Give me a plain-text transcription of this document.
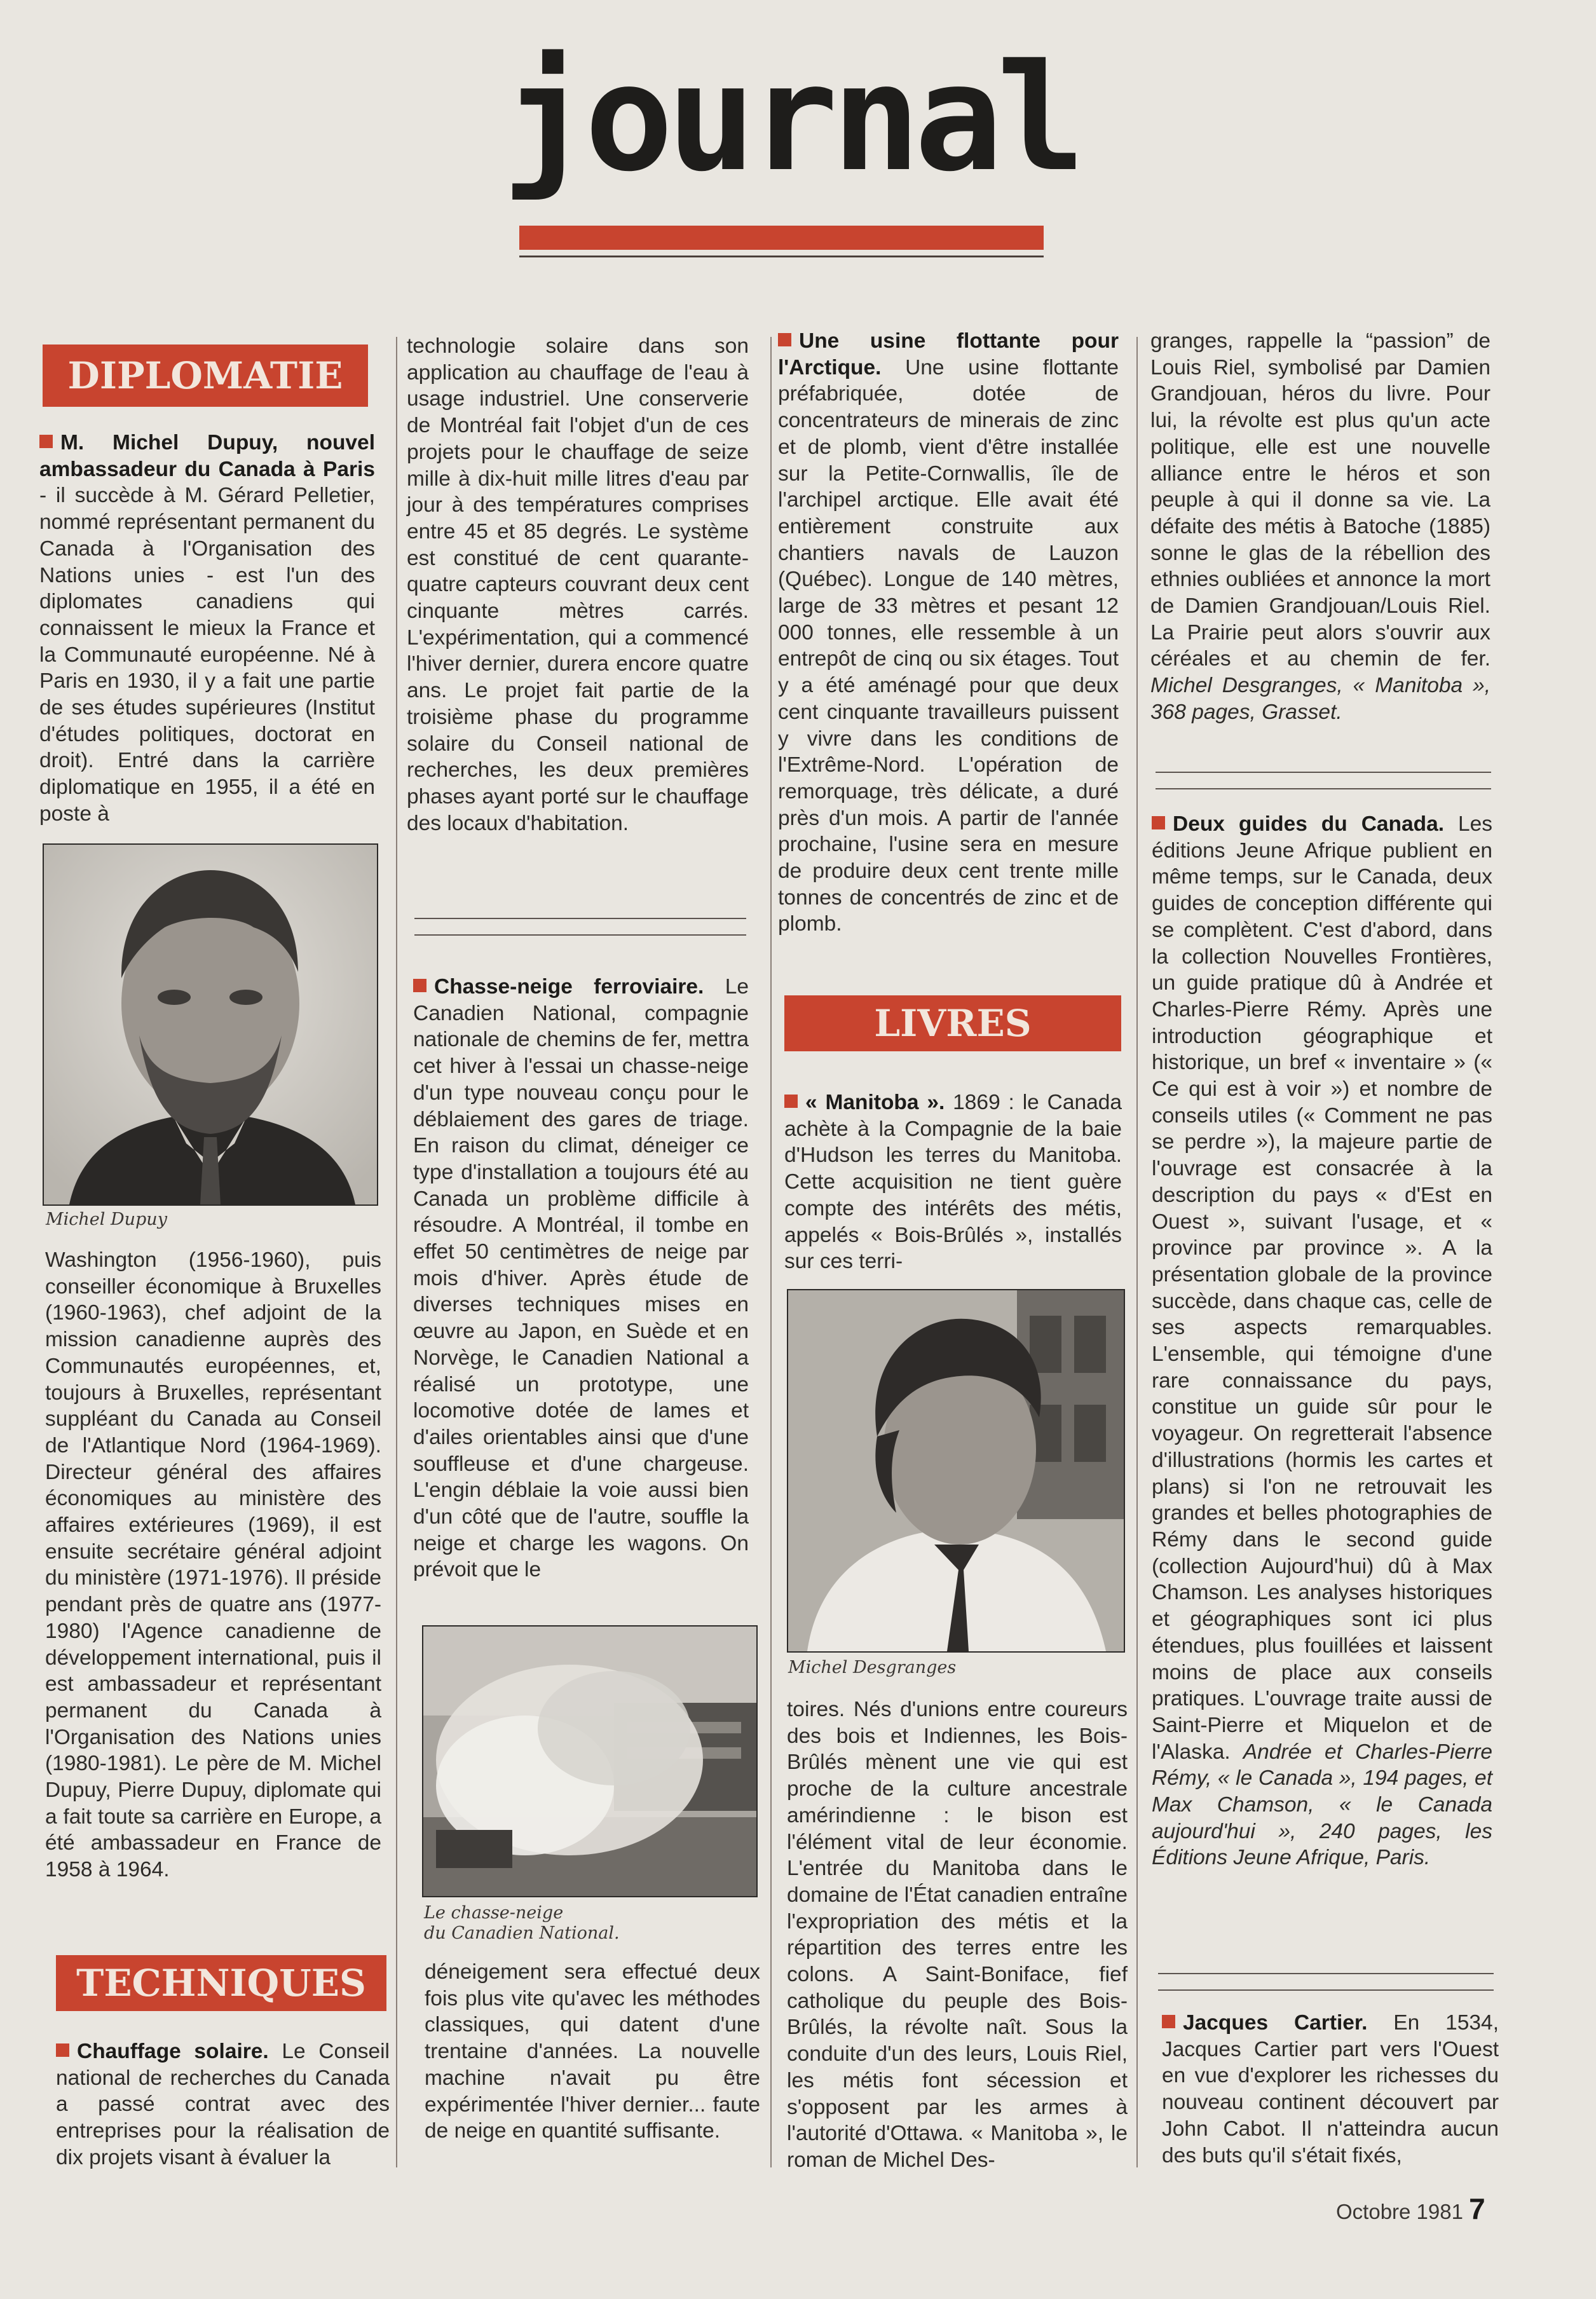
journal
DIPLOMATIE

M. Michel Dupuy, nouvel ambassadeur du Canada à Paris - il succède à M. Gérard Pelletier, nommé représentant permanent du Canada à l'Organisation des Nations unies - est l'un des diplomates canadiens qui connaissent le mieux la France et la Communauté européenne. Né à Paris en 1930, il y a fait une partie de ses études supérieures (Institut d'études politiques, doctorat en droit). Entré dans la carrière diplomatique en 1955, il a été en poste à

Michel Dupuy

Washington (1956-1960), puis conseiller économique à Bruxelles (1960-1963), chef adjoint de la mission canadienne auprès des Communautés européennes, et, toujours à Bruxelles, représentant suppléant du Canada au Conseil de l'Atlantique Nord (1964-1969). Directeur général des affaires économiques au ministère des affaires extérieures (1969), il est ensuite secrétaire général adjoint du ministère (1971-1976). Il préside pendant près de quatre ans (1977-1980) l'Agence canadienne de développement international, puis il est ambassadeur et représentant permanent du Canada à l'Organisation des Nations unies (1980-1981). Le père de M. Michel Dupuy, Pierre Dupuy, diplomate qui a fait toute sa carrière en Europe, a été ambassadeur en France de 1958 à 1964.

TECHNIQUES

Chauffage solaire. Le Conseil national de recherches du Canada a passé contrat avec des entreprises pour la réalisation de dix projets visant à évaluer la

technologie solaire dans son application au chauffage de l'eau à usage industriel. Une conserverie de Montréal fait l'objet d'un de ces projets pour le chauffage de seize mille à dix-huit mille litres d'eau par jour à des températures comprises entre 45 et 85 degrés. Le système est constitué de cent quarante-quatre capteurs couvrant deux cent cinquante mètres carrés. L'expérimentation, qui a commencé l'hiver dernier, durera encore quatre ans. Le projet fait partie de la troisième phase du programme solaire du Conseil national de recherches, les deux premières phases ayant porté sur le chauffage des locaux d'habitation.

Chasse-neige ferroviaire. Le Canadien National, compagnie nationale de chemins de fer, mettra cet hiver à l'essai un chasse-neige d'un type nouveau conçu pour le déblaiement des gares de triage. En raison du climat, déneiger ce type d'installation a toujours été au Canada un problème difficile à résoudre. A Montréal, il tombe en effet 50 centimètres de neige par mois d'hiver. Après étude de diverses techniques mises en œuvre au Japon, en Suède et en Norvège, le Canadien National a réalisé un prototype, une locomotive dotée de lames et d'ailes orientables ainsi que d'une souffleuse et d'une chargeuse. L'engin déblaie la voie aussi bien d'un côté que de l'autre, souffle la neige et charge les wagons. On prévoit que le

Le chasse-neige
du Canadien National.

déneigement sera effectué deux fois plus vite qu'avec les méthodes classiques, qui datent d'une trentaine d'années. La nouvelle machine n'avait pu être expérimentée l'hiver dernier... faute de neige en quantité suffisante.

Une usine flottante pour l'Arctique. Une usine flottante préfabriquée, dotée de concentrateurs de minerais de zinc et de plomb, vient d'être installée sur la Petite-Cornwallis, île de l'archipel arctique. Elle avait été entièrement construite aux chantiers navals de Lauzon (Québec). Longue de 140 mètres, large de 33 mètres et pesant 12 000 tonnes, elle ressemble à un entrepôt de cinq ou six étages. Tout y a été aménagé pour que deux cent cinquante travailleurs puissent y vivre dans les conditions de l'Extrême-Nord. L'opération de remorquage, très délicate, a duré près d'un mois. A partir de l'année prochaine, l'usine sera en mesure de produire deux cent trente mille tonnes de concentrés de zinc et de plomb.

LIVRES

« Manitoba ». 1869 : le Canada achète à la Compagnie de la baie d'Hudson les terres du Manitoba. Cette acquisition ne tient guère compte des intérêts des métis, appelés « Bois-Brûlés », installés sur ces terri-

Michel Desgranges

toires. Nés d'unions entre coureurs des bois et Indiennes, les Bois-Brûlés mènent une vie qui est proche de la culture ancestrale amérindienne : le bison est l'élément vital de leur économie. L'entrée du Manitoba dans le domaine de l'État canadien entraîne l'expropriation des métis et la répartition des terres entre les colons. A Saint-Boniface, fief catholique du peuple des Bois-Brûlés, la révolte naît. Sous la conduite d'un des leurs, Louis Riel, les métis font sécession et s'opposent par les armes à l'autorité d'Ottawa. « Manitoba », le roman de Michel Des-

granges, rappelle la “passion” de Louis Riel, symbolisé par Damien Grandjouan, héros du livre. Pour lui, la révolte est plus qu'un acte politique, elle est une nouvelle alliance entre le héros et son peuple à qui il donne sa vie. La défaite des métis à Batoche (1885) sonne le glas de la rébellion des ethnies oubliées et annonce la mort de Damien Grandjouan/Louis Riel. La Prairie peut alors s'ouvrir aux céréales et au chemin de fer. Michel Desgranges, « Manitoba », 368 pages, Grasset.

Deux guides du Canada. Les éditions Jeune Afrique publient en même temps, sur le Canada, deux guides de conception différente qui se complètent. C'est d'abord, dans la collection Nouvelles Frontières, un guide pratique dû à Andrée et Charles-Pierre Rémy. Après une introduction géographique et historique, un bref « inventaire » (« Ce qui est à voir ») et nombre de conseils utiles (« Comment ne pas se perdre »), la majeure partie de l'ouvrage est consacrée à la description du pays « d'Est en Ouest », suivant l'usage, et « province par province ». A la présentation globale de la province succède, dans chaque cas, celle de ses aspects remarquables. L'ensemble, qui témoigne d'une rare connaissance du pays, constitue un guide sûr pour le voyageur. On regretterait l'absence d'illustrations (hormis les cartes et plans) si l'on ne retrouvait les grandes et belles photographies de Rémy dans le second guide (collection Aujourd'hui) dû à Max Chamson. Les analyses historiques et géographiques sont ici plus étendues, plus fouillées et laissent moins de place aux conseils pratiques. L'ouvrage traite aussi de Saint-Pierre et Miquelon et de l'Alaska. Andrée et Charles-Pierre Rémy, « le Canada », 194 pages, et Max Chamson, « le Canada aujourd'hui », 240 pages, les Éditions Jeune Afrique, Paris.

Jacques Cartier. En 1534, Jacques Cartier part vers l'Ouest en vue d'explorer les richesses du nouveau continent découvert par John Cabot. Il n'atteindra aucun des buts qu'il s'était fixés,

Octobre 1981 7
